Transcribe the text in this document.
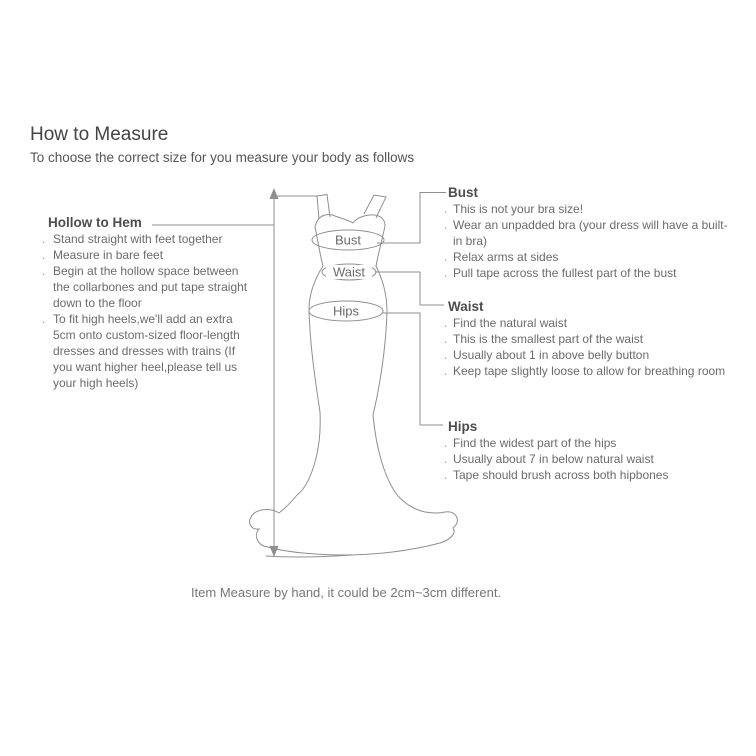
How to Measure

To choose the correct size for you measure your body as follows

Hollow to Hem
. Stand straight with feet together
. Measure in bare feet
. Begin at the hollow space between the collarbones and put tape straight down to the floor
. To fit high heels,we'll add an extra 5cm onto custom-sized floor-length dresses and dresses with trains (If you want higher heel,please tell us your high heels)
Bust
. This is not your bra size!
. Wear an unpadded bra (your dress will have a built-in bra)
. Relax arms at sides
. Pull tape across the fullest part of the bust
Waist
. Find the natural waist
. This is the smallest part of the waist
. Usually about 1 in above belly button
. Keep tape slightly loose to allow for breathing room
Hips
. Find the widest part of the hips
. Usually about 7 in below natural waist
. Tape should brush across both hipbones
Bust
Waist
Hips

Item Measure by hand, it could be 2cm~3cm different.
